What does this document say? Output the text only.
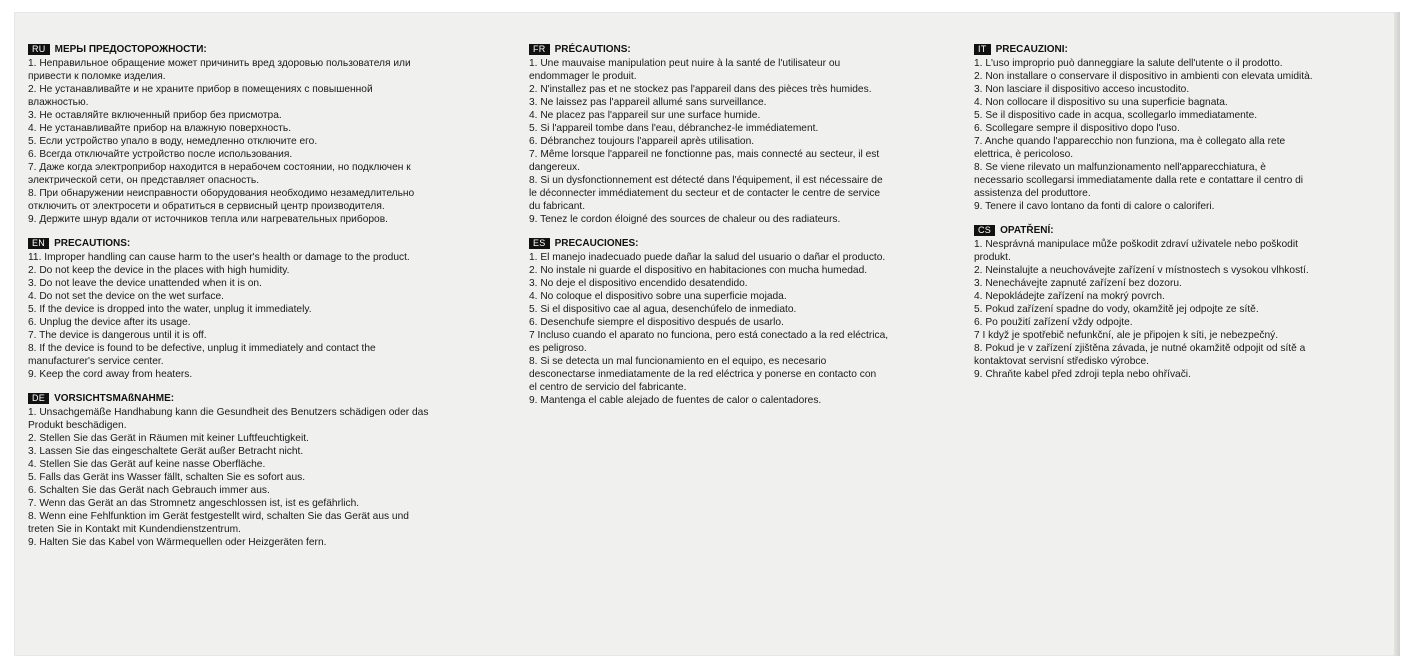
RU МЕРЫ ПРЕДОСТОРОЖНОСТИ:
1. Неправильное обращение может причинить вред здоровью пользователя или
привести к поломке изделия.
2. Не устанавливайте и не храните прибор в помещениях с повышенной
влажностью.
3. Не оставляйте включенный прибор без присмотра.
4. Не устанавливайте прибор на влажную поверхность.
5. Если устройство упало в воду, немедленно отключите его.
6. Всегда отключайте устройство после использования.
7. Даже когда электроприбор находится в нерабочем состоянии, но подключен к
электрической сети, он представляет опасность.
8. При обнаружении неисправности оборудования необходимо незамедлительно
отключить от электросети и обратиться в сервисный центр производителя.
9. Держите шнур вдали от источников тепла или нагревательных приборов.
EN PRECAUTIONS:
11. Improper handling can cause harm to the user's health or damage to the product.
2. Do not keep the device in the places with high humidity.
3. Do not leave the device unattended when it is on.
4. Do not set the device on the wet surface.
5. If the device is dropped into the water, unplug it immediately.
6. Unplug the device after its usage.
7. The device is dangerous until it is off.
8. If the device is found to be defective, unplug it immediately and contact the
manufacturer's service center.
9. Keep the cord away from heaters.
DE VORSICHTSMAßNAHME:
1. Unsachgemäße Handhabung kann die Gesundheit des Benutzers schädigen oder das
Produkt beschädigen.
2. Stellen Sie das Gerät in Räumen mit keiner Luftfeuchtigkeit.
3. Lassen Sie das eingeschaltete Gerät außer Betracht nicht.
4. Stellen Sie das Gerät auf keine nasse Oberfläche.
5. Falls das Gerät ins Wasser fällt, schalten Sie es sofort aus.
6. Schalten Sie das Gerät nach Gebrauch immer aus.
7. Wenn das Gerät an das Stromnetz angeschlossen ist, ist es gefährlich.
8. Wenn eine Fehlfunktion im Gerät festgestellt wird, schalten Sie das Gerät aus und
treten Sie in Kontakt mit Kundendienstzentrum.
9. Halten Sie das Kabel von Wärmequellen oder Heizgeräten fern.
FR PRÉCAUTIONS:
1. Une mauvaise manipulation peut nuire à la santé de l'utilisateur ou
endommager le produit.
2. N'installez pas et ne stockez pas l'appareil dans des pièces très humides.
3. Ne laissez pas l'appareil allumé sans surveillance.
4. Ne placez pas l'appareil sur une surface humide.
5. Si l'appareil tombe dans l'eau, débranchez-le immédiatement.
6. Débranchez toujours l'appareil après utilisation.
7. Même lorsque l'appareil ne fonctionne pas, mais connecté au secteur, il est
dangereux.
8. Si un dysfonctionnement est détecté dans l'équipement, il est nécessaire de
le déconnecter immédiatement du secteur et de contacter le centre de service
du fabricant.
9. Tenez le cordon éloigné des sources de chaleur ou des radiateurs.
ES PRECAUCIONES:
1. El manejo inadecuado puede dañar la salud del usuario o dañar el producto.
2. No instale ni guarde el dispositivo en habitaciones con mucha humedad.
3. No deje el dispositivo encendido desatendido.
4. No coloque el dispositivo sobre una superficie mojada.
5. Si el dispositivo cae al agua, desenchúfelo de inmediato.
6. Desenchufe siempre el dispositivo después de usarlo.
7 Incluso cuando el aparato no funciona, pero está conectado a la red eléctrica,
es peligroso.
8. Si se detecta un mal funcionamiento en el equipo, es necesario
desconectarse inmediatamente de la red eléctrica y ponerse en contacto con
el centro de servicio del fabricante.
9. Mantenga el cable alejado de fuentes de calor o calentadores.
IT PRECAUZIONI:
1. L'uso improprio può danneggiare la salute dell'utente o il prodotto.
2. Non installare o conservare il dispositivo in ambienti con elevata umidità.
3. Non lasciare il dispositivo acceso incustodito.
4. Non collocare il dispositivo su una superficie bagnata.
5. Se il dispositivo cade in acqua, scollegarlo immediatamente.
6. Scollegare sempre il dispositivo dopo l'uso.
7. Anche quando l'apparecchio non funziona, ma è collegato alla rete
elettrica, è pericoloso.
8. Se viene rilevato un malfunzionamento nell'apparecchiatura, è
necessario scollegarsi immediatamente dalla rete e contattare il centro di
assistenza del produttore.
9. Tenere il cavo lontano da fonti di calore o caloriferi.
CS OPATŘENÍ:
1. Nesprávná manipulace může poškodit zdraví uživatele nebo poškodit
produkt.
2. Neinstalujte a neuchovávejte zařízení v místnostech s vysokou vlhkostí.
3. Nenechávejte zapnuté zařízení bez dozoru.
4. Nepokládejte zařízení na mokrý povrch.
5. Pokud zařízení spadne do vody, okamžitě jej odpojte ze sítě.
6. Po použití zařízení vždy odpojte.
7 I když je spotřebič nefunkční, ale je připojen k síti, je nebezpečný.
8. Pokud je v zařízení zjištěna závada, je nutné okamžitě odpojit od sítě a
kontaktovat servisní středisko výrobce.
9. Chraňte kabel před zdroji tepla nebo ohřívači.
